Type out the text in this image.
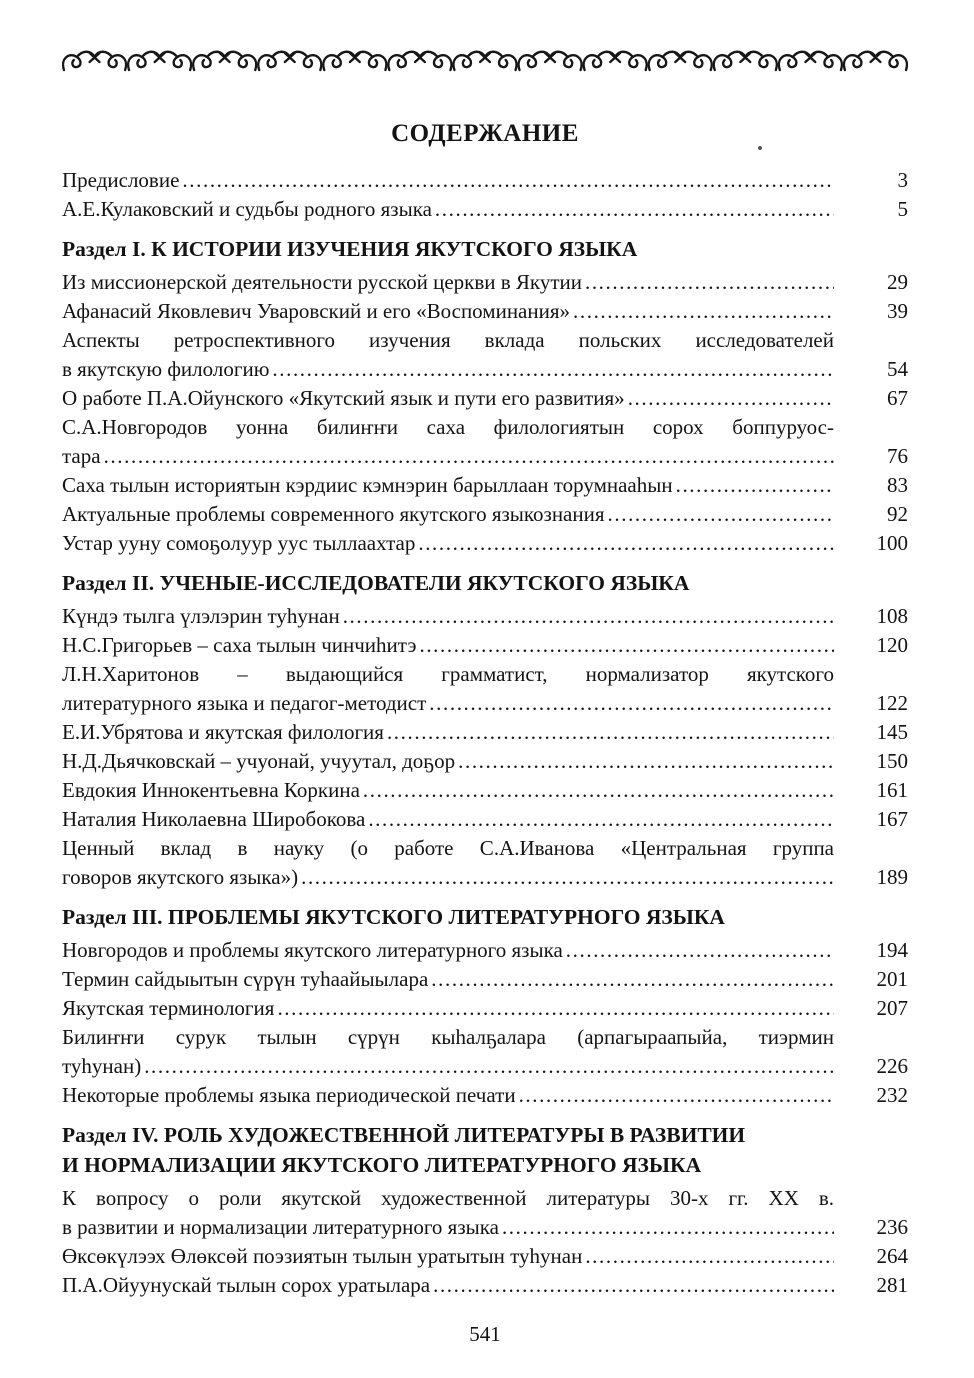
СОДЕРЖАНИЕ
Предисловие .....	3
А.Е.Кулаковский и судьбы родного языка .....	5
Раздел I. К ИСТОРИИ ИЗУЧЕНИЯ ЯКУТСКОГО ЯЗЫКА
Из миссионерской деятельности русской церкви в Якутии .....	29
Афанасий Яковлевич Уваровский и его «Воспоминания» .....	39
Аспекты ретроспективного изучения вклада польских исследователей
в якутскую филологию .....	54
О работе П.А.Ойунского «Якутский язык и пути его развития» .....	67
С.А.Новгородов уонна билиҥҥи саха филологиятын сорох боппуруос-
тара .....	76
Саха тылын историятын кэрдиис кэмнэрин барыллаан торумнааһын .....	83
Актуальные проблемы современного якутского языкознания .....	92
Устар ууну сомоҕолуур уус тыллаахтар .....	100
Раздел II. УЧЕНЫЕ-ИССЛЕДОВАТЕЛИ ЯКУТСКОГО ЯЗЫКА
Күндэ тылга үлэлэрин туһунан .....	108
Н.С.Григорьев – саха тылын чинчиһитэ .....	120
Л.Н.Харитонов – выдающийся грамматист, нормализатор якутского
литературного языка и педагог-методист .....	122
Е.И.Убрятова и якутская филология .....	145
Н.Д.Дьячковскай – учуонай, учуутал, доҕор .....	150
Евдокия Иннокентьевна Коркина .....	161
Наталия Николаевна Широбокова .....	167
Ценный вклад в науку (о работе С.А.Иванова «Центральная группа
говоров якутского языка») .....	189
Раздел III. ПРОБЛЕМЫ ЯКУТСКОГО ЛИТЕРАТУРНОГО ЯЗЫКА
Новгородов и проблемы якутского литературного языка .....	194
Термин сайдыытын сүрүн туһаайыылара .....	201
Якутская терминология .....	207
Билиҥҥи сурук тылын сүрүн кыһалҕалара (арпагыраапыйа, тиэрмин
туһунан) .....	226
Некоторые проблемы языка периодической печати .....	232
Раздел IV. РОЛЬ ХУДОЖЕСТВЕННОЙ ЛИТЕРАТУРЫ В РАЗВИТИИ
И НОРМАЛИЗАЦИИ ЯКУТСКОГО ЛИТЕРАТУРНОГО ЯЗЫКА
К вопросу о роли якутской художественной литературы 30-х гг. ХХ в.
в развитии и нормализации литературного языка .....	236
Өксөкүлээх Өлөксөй поэзиятын тылын уратытын туһунан .....	264
П.А.Ойуунускай тылын сорох уратылара .....	281
541
